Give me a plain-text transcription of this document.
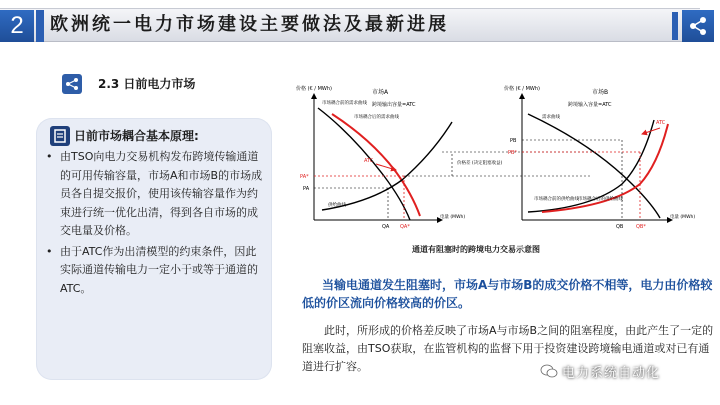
2	欧洲统一电力市场建设主要做法及最新进展
2.3 日前电力市场
日前市场耦合基本原理:
• 由TSO向电力交易机构发布跨境传输通道的可用传输容量，市场A和市场B的市场成员各自提交报价，使用该传输容量作为约束进行统一优化出清，得到各自市场的成交电量及价格。
• 由于ATC作为出清模型的约束条件，因此实际通道传输电力一定小于或等于通道的ATC。
价格 (€ / MWh)	市场A
跨境输出容量=ATC
市场耦合前的需求曲线
市场耦合后的需求曲线
ATC
PA*
PA
供给曲线
QA QA*
电量 (MWh)
价格差 (决定阻塞收益)
价格 (€ / MWh)	市场B
跨境输入容量=ATC
需求曲线
ATC
PB
PB*
市场耦合前的供给曲线 市场耦合后的供给曲线
QB	QB*
电量 (MWh)
通道有阻塞时的跨境电力交易示意图
当输电通道发生阻塞时，市场A与市场B的成交价格不相等，电力由价格较低的价区流向价格较高的价区。
此时，所形成的价格差反映了市场A与市场B之间的阻塞程度，由此产生了一定的阻塞收益，由TSO获取，在监管机构的监督下用于投资建设跨境输电通道或对已有通道进行扩容。	电力系统自动化
